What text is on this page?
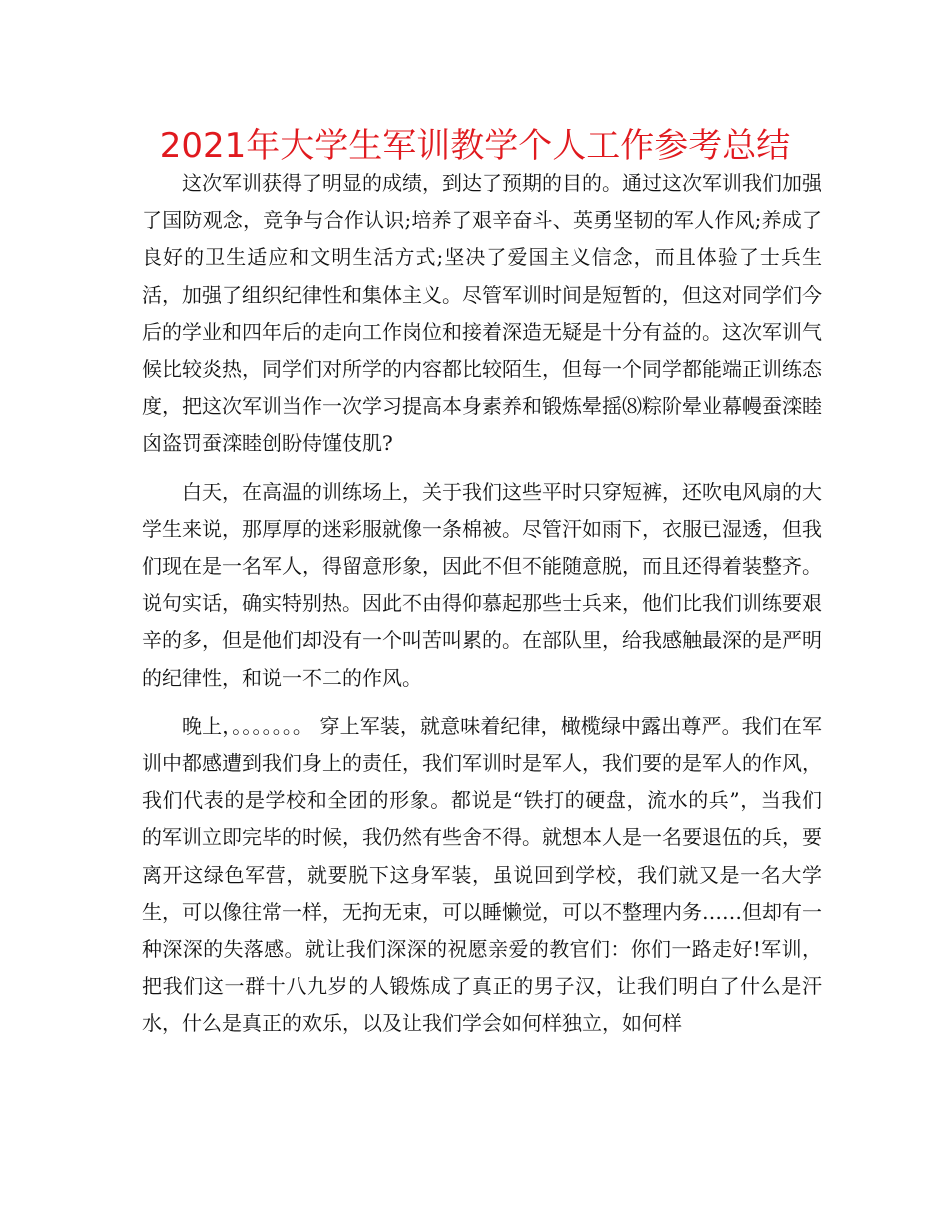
2021年大学生军训教学个人工作参考总结

这次军训获得了明显的成绩，到达了预期的目的。通过这次军训我们加强了国防观念，竞争与合作认识;培养了艰辛奋斗、英勇坚韧的军人作风;养成了良好的卫生适应和文明生活方式;坚决了爱国主义信念，而且体验了士兵生活，加强了组织纪律性和集体主义。尽管军训时间是短暂的，但这对同学们今后的学业和四年后的走向工作岗位和接着深造无疑是十分有益的。这次军训气候比较炎热，同学们对所学的内容都比较陌生，但每一个同学都能端正训练态度，把这次军训当作一次学习提高本身素养和锻炼晕摇⑻粽阶晕业幕幔蚕滦睦囟盗罚蚕滦睦创盼侍馑伎肌?

白天，在高温的训练场上，关于我们这些平时只穿短裤，还吹电风扇的大学生来说，那厚厚的迷彩服就像一条棉被。尽管汗如雨下，衣服已湿透，但我们现在是一名军人，得留意形象，因此不但不能随意脱，而且还得着装整齐。说句实话，确实特别热。因此不由得仰慕起那些士兵来，他们比我们训练要艰辛的多，但是他们却没有一个叫苦叫累的。在部队里，给我感触最深的是严明的纪律性，和说一不二的作风。

晚上，。。。。。。。 穿上军装，就意味着纪律，橄榄绿中露出尊严。我们在军训中都感遭到我们身上的责任，我们军训时是军人，我们要的是军人的作风，我们代表的是学校和全团的形象。都说是“铁打的硬盘，流水的兵”，当我们的军训立即完毕的时候，我仍然有些舍不得。就想本人是一名要退伍的兵，要离开这绿色军营，就要脱下这身军装，虽说回到学校，我们就又是一名大学生，可以像往常一样，无拘无束，可以睡懒觉，可以不整理内务……但却有一种深深的失落感。就让我们深深的祝愿亲爱的教官们：你们一路走好!军训，把我们这一群十八九岁的人锻炼成了真正的男子汉，让我们明白了什么是汗水，什么是真正的欢乐，以及让我们学会如何样独立，如何样
